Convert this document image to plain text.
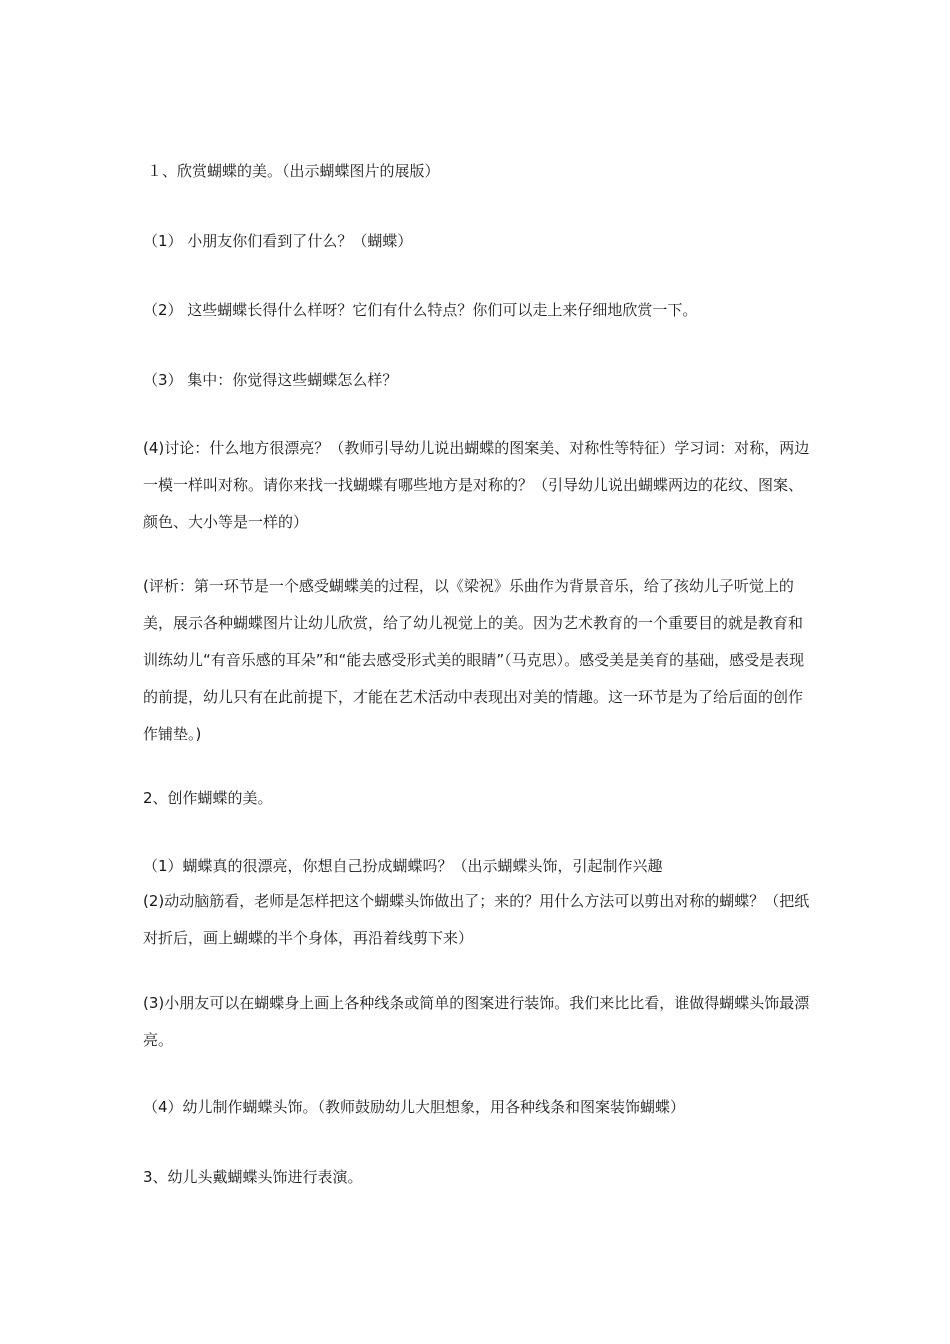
１、欣赏蝴蝶的美。（出示蝴蝶图片的展版）

（1） 小朋友你们看到了什么？（蝴蝶）

（2） 这些蝴蝶长得什么样呀？它们有什么特点？你们可以走上来仔细地欣赏一下。

（3） 集中：你觉得这些蝴蝶怎么样？

(4)讨论：什么地方很漂亮？（教师引导幼儿说出蝴蝶的图案美、对称性等特征）学习词：对称，两边一模一样叫对称。请你来找一找蝴蝶有哪些地方是对称的？（引导幼儿说出蝴蝶两边的花纹、图案、颜色、大小等是一样的）

(评析：第一环节是一个感受蝴蝶美的过程，以《梁祝》乐曲作为背景音乐，给了孩幼儿子听觉上的美，展示各种蝴蝶图片让幼儿欣赏，给了幼儿视觉上的美。因为艺术教育的一个重要目的就是教育和训练幼儿“有音乐感的耳朵”和“能去感受形式美的眼睛”（马克思）。感受美是美育的基础，感受是表现的前提，幼儿只有在此前提下，才能在艺术活动中表现出对美的情趣。这一环节是为了给后面的创作作铺垫。)

2、创作蝴蝶的美。

（1）蝴蝶真的很漂亮，你想自己扮成蝴蝶吗？（出示蝴蝶头饰，引起制作兴趣

(2)动动脑筋看，老师是怎样把这个蝴蝶头饰做出了；来的？用什么方法可以剪出对称的蝴蝶？（把纸对折后，画上蝴蝶的半个身体，再沿着线剪下来）

(3)小朋友可以在蝴蝶身上画上各种线条或简单的图案进行装饰。我们来比比看，谁做得蝴蝶头饰最漂亮。

（4）幼儿制作蝴蝶头饰。（教师鼓励幼儿大胆想象，用各种线条和图案装饰蝴蝶）

3、幼儿头戴蝴蝶头饰进行表演。
